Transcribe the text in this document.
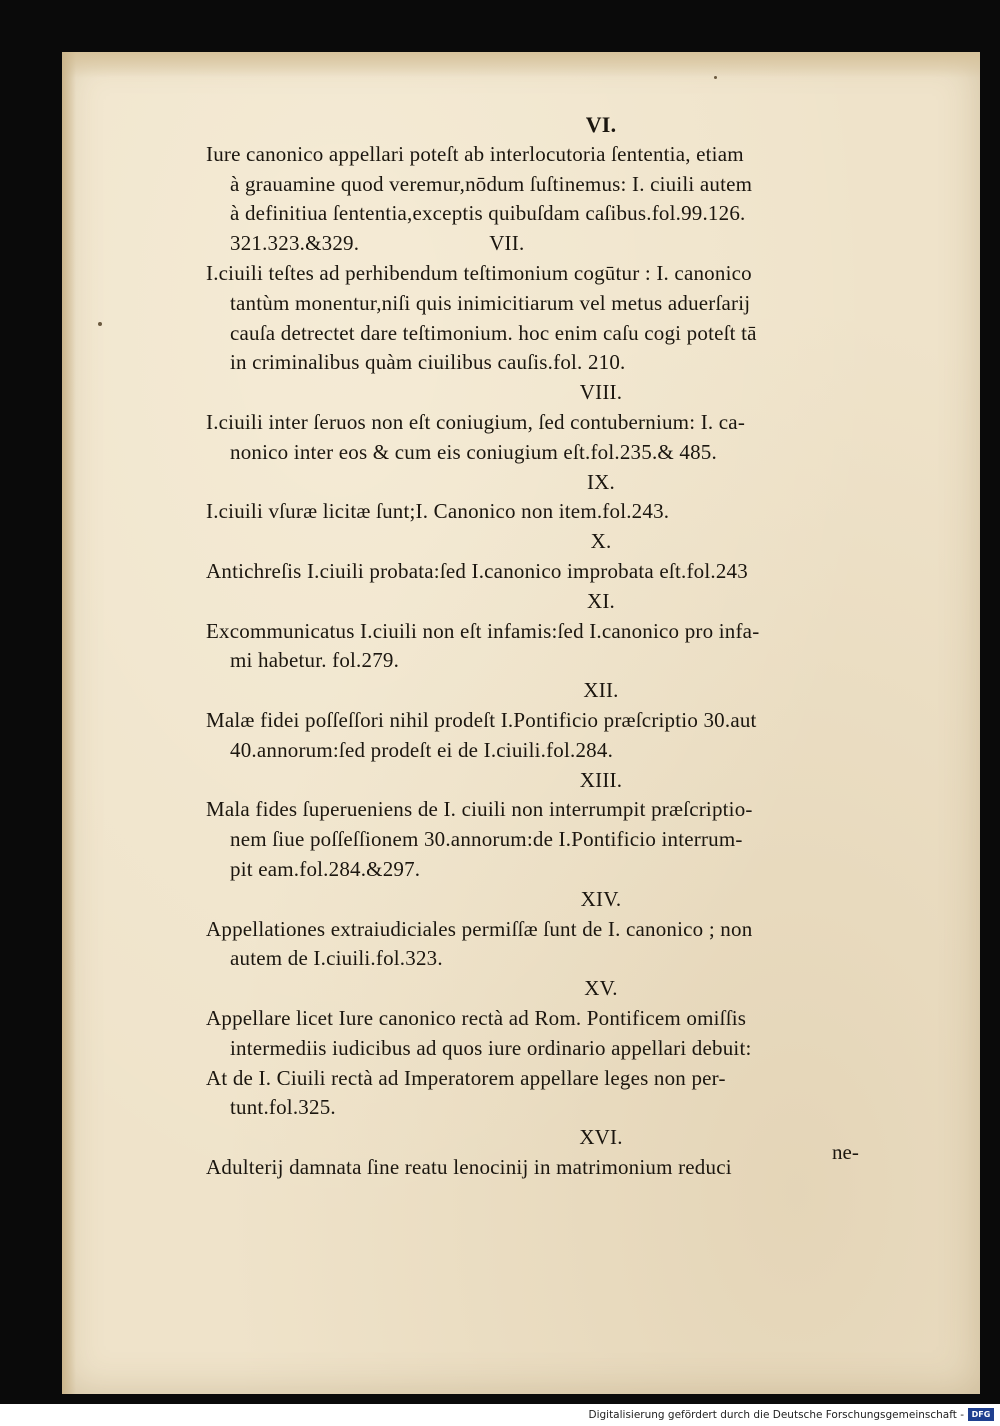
VI.
Iure canonico appellari poteſt ab interlocutoria ſententia, etiam
à grauamine quod veremur,nōdum ſuſtinemus: I. ciuili autem
à definitiua ſententia,exceptis quibuſdam caſibus.fol.99.126.
321.323.&329.	VII.
I.ciuili teſtes ad perhibendum teſtimonium cogūtur : I. canonico
tantùm monentur,niſi quis inimicitiarum vel metus aduerſarij
cauſa detrectet dare teſtimonium. hoc enim caſu cogi poteſt tā
in criminalibus quàm ciuilibus cauſis.fol. 210.
VIII.
I.ciuili inter ſeruos non eſt coniugium, ſed contubernium: I. ca-
nonico inter eos & cum eis coniugium eſt.fol.235.& 485.
IX.
I.ciuili vſuræ licitæ ſunt;I. Canonico non item.fol.243.
X.
Antichreſis I.ciuili probata:ſed I.canonico improbata eſt.fol.243
XI.
Excommunicatus I.ciuili non eſt infamis:ſed I.canonico pro infa-
mi habetur. fol.279.
XII.
Malæ fidei poſſeſſori nihil prodeſt I.Pontificio præſcriptio 30.aut
40.annorum:ſed prodeſt ei de I.ciuili.fol.284.
XIII.
Mala fides ſuperueniens de I. ciuili non interrumpit præſcriptio-
nem ſiue poſſeſſionem 30.annorum:de I.Pontificio interrum-
pit eam.fol.284.&297.
XIV.
Appellationes extraiudiciales permiſſæ ſunt de I. canonico ; non
autem de I.ciuili.fol.323.
XV.
Appellare licet Iure canonico rectà ad Rom. Pontificem omiſſis
intermediis iudicibus ad quos iure ordinario appellari debuit:
At de I. Ciuili rectà ad Imperatorem appellare leges non per-
tunt.fol.325.
XVI.
Adulterij damnata ſine reatu lenocinij in matrimonium reduci
ne-
Digitalisierung gefördert durch die Deutsche Forschungsgemeinschaft - DFG
